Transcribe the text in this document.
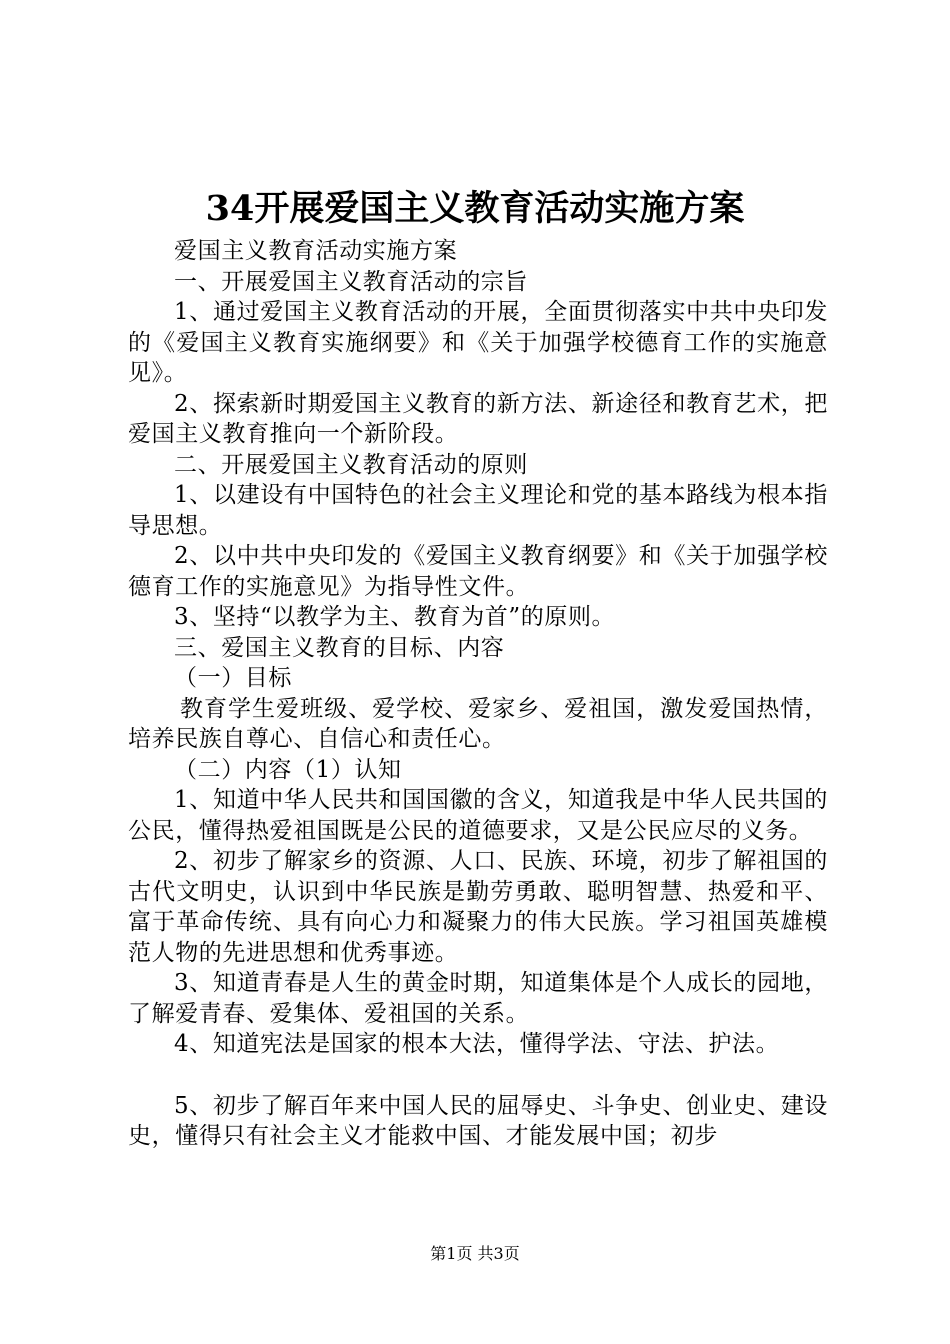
34开展爱国主义教育活动实施方案

爱国主义教育活动实施方案

一、开展爱国主义教育活动的宗旨

1、通过爱国主义教育活动的开展，全面贯彻落实中共中央印发的《爱国主义教育实施纲要》和《关于加强学校德育工作的实施意见》。

2、探索新时期爱国主义教育的新方法、新途径和教育艺术，把爱国主义教育推向一个新阶段。

二、开展爱国主义教育活动的原则

1、以建设有中国特色的社会主义理论和党的基本路线为根本指导思想。

2、以中共中央印发的《爱国主义教育纲要》和《关于加强学校德育工作的实施意见》为指导性文件。

3、坚持“以教学为主、教育为首”的原则。

三、爱国主义教育的目标、内容

（一）目标

教育学生爱班级、爱学校、爱家乡、爱祖国，激发爱国热情，培养民族自尊心、自信心和责任心。

（二）内容（1）认知

1、知道中华人民共和国国徽的含义，知道我是中华人民共国的公民，懂得热爱祖国既是公民的道德要求，又是公民应尽的义务。

2、初步了解家乡的资源、人口、民族、环境，初步了解祖国的古代文明史，认识到中华民族是勤劳勇敢、聪明智慧、热爱和平、富于革命传统、具有向心力和凝聚力的伟大民族。学习祖国英雄模范人物的先进思想和优秀事迹。

3、知道青春是人生的黄金时期，知道集体是个人成长的园地，了解爱青春、爱集体、爱祖国的关系。

4、知道宪法是国家的根本大法，懂得学法、守法、护法。

5、初步了解百年来中国人民的屈辱史、斗争史、创业史、建设史，懂得只有社会主义才能救中国、才能发展中国；初步

第1页 共3页
